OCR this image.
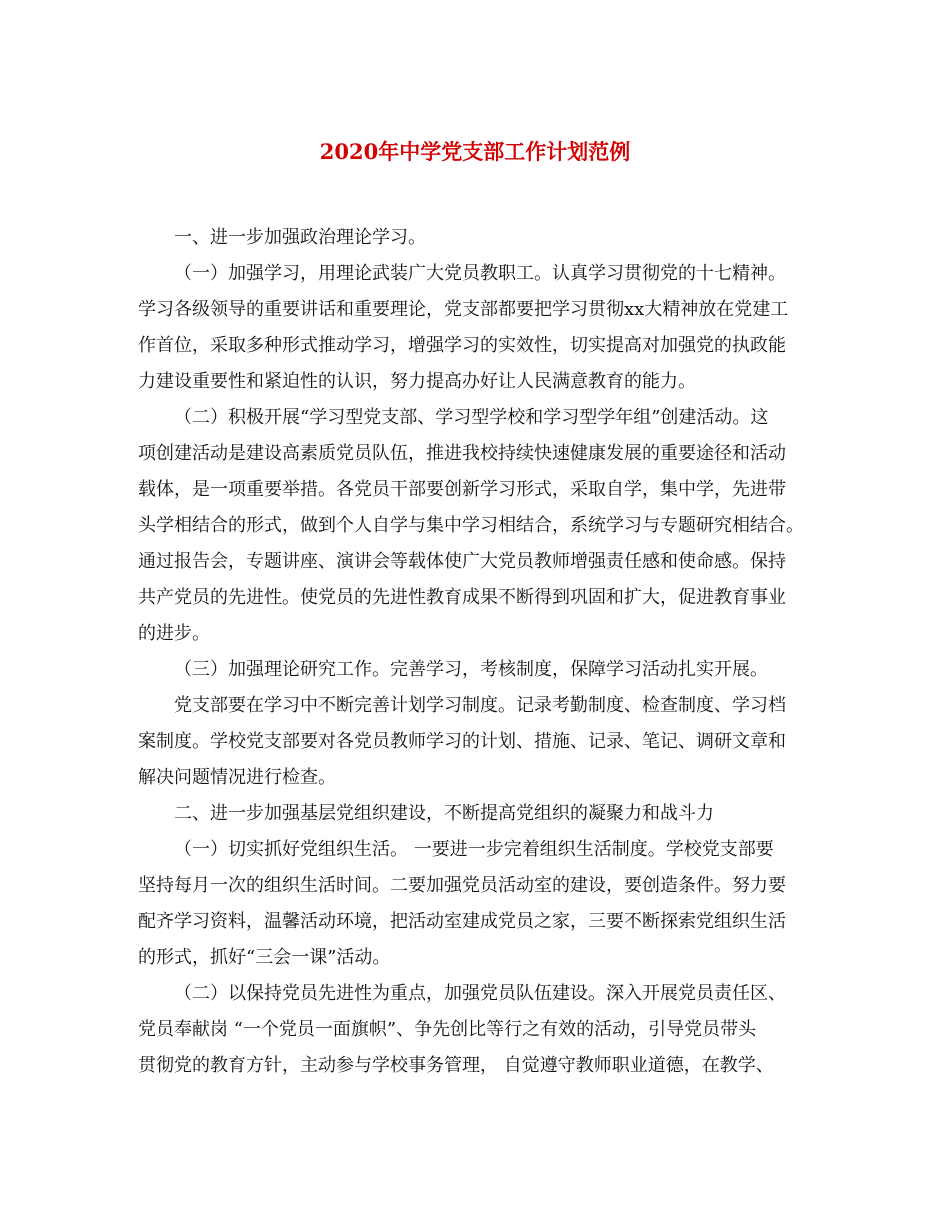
2020年中学党支部工作计划范例

一、进一步加强政治理论学习。

（一）加强学习，用理论武装广大党员教职工。认真学习贯彻党的十七精神。

学习各级领导的重要讲话和重要理论，党支部都要把学习贯彻xx大精神放在党建工

作首位，采取多种形式推动学习，增强学习的实效性，切实提高对加强党的执政能

力建设重要性和紧迫性的认识，努力提高办好让人民满意教育的能力。

（二）积极开展“学习型党支部、学习型学校和学习型学年组”创建活动。这

项创建活动是建设高素质党员队伍，推进我校持续快速健康发展的重要途径和活动

载体，是一项重要举措。各党员干部要创新学习形式，采取自学，集中学，先进带

头学相结合的形式，做到个人自学与集中学习相结合，系统学习与专题研究相结合。

通过报告会，专题讲座、演讲会等载体使广大党员教师增强责任感和使命感。保持

共产党员的先进性。使党员的先进性教育成果不断得到巩固和扩大，促进教育事业

的进步。

（三）加强理论研究工作。完善学习，考核制度，保障学习活动扎实开展。

党支部要在学习中不断完善计划学习制度。记录考勤制度、检查制度、学习档

案制度。学校党支部要对各党员教师学习的计划、措施、记录、笔记、调研文章和

解决问题情况进行检查。

二、进一步加强基层党组织建设，不断提高党组织的凝聚力和战斗力

（一）切实抓好党组织生活。 一要进一步完着组织生活制度。学校党支部要

坚持每月一次的组织生活时间。二要加强党员活动室的建设，要创造条件。努力要

配齐学习资料，温馨活动环境，把活动室建成党员之家，三要不断探索党组织生活

的形式，抓好“三会一课”活动。

（二）以保持党员先进性为重点，加强党员队伍建设。深入开展党员责任区、

党员奉献岗 “一个党员一面旗帜”、争先创比等行之有效的活动，引导党员带头

贯彻党的教育方针，主动参与学校事务管理， 自觉遵守教师职业道德，在教学、
